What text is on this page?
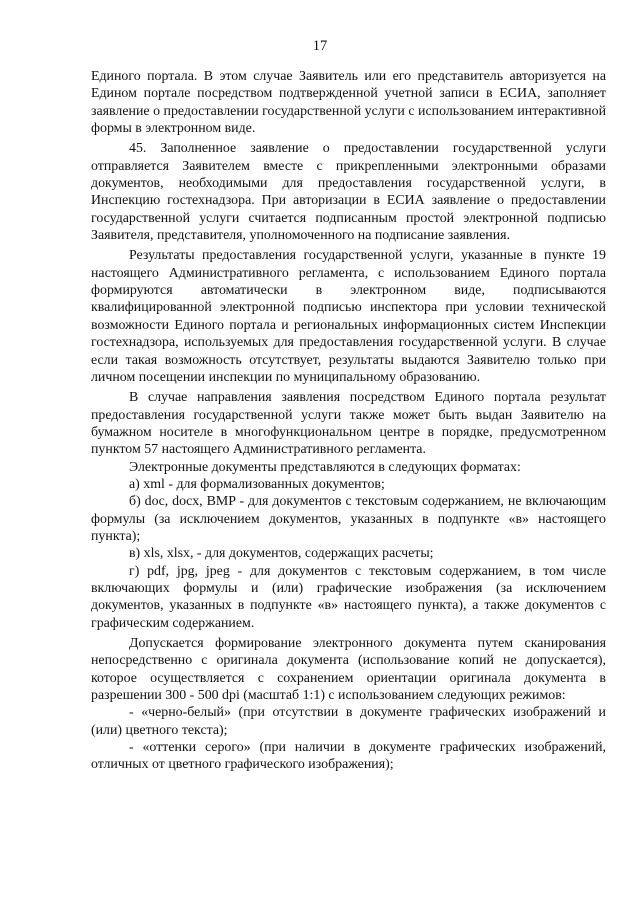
17

Единого портала. В этом случае Заявитель или его представитель авторизуется на Едином портале посредством подтвержденной учетной записи в ЕСИА, заполняет заявление о предоставлении государственной услуги с использованием интерактивной формы в электронном виде.

45. Заполненное заявление о предоставлении государственной услуги отправляется Заявителем вместе с прикрепленными электронными образами документов, необходимыми для предоставления государственной услуги, в Инспекцию гостехнадзора. При авторизации в ЕСИА заявление о предоставлении государственной услуги считается подписанным простой электронной подписью Заявителя, представителя, уполномоченного на подписание заявления.

Результаты предоставления государственной услуги, указанные в пункте 19 настоящего Административного регламента, с использованием Единого портала формируются автоматически в электронном виде, подписываются квалифицированной электронной подписью инспектора при условии технической возможности Единого портала и региональных информационных систем Инспекции гостехнадзора, используемых для предоставления государственной услуги. В случае если такая возможность отсутствует, результаты выдаются Заявителю только при личном посещении инспекции по муниципальному образованию.

В случае направления заявления посредством Единого портала результат предоставления государственной услуги также может быть выдан Заявителю на бумажном носителе в многофункциональном центре в порядке, предусмотренном пунктом 57 настоящего Административного регламента.

Электронные документы представляются в следующих форматах:

а) xml - для формализованных документов;

б) doc, docx, BMP - для документов с текстовым содержанием, не включающим формулы (за исключением документов, указанных в подпункте «в» настоящего пункта);

в) xls, xlsx, - для документов, содержащих расчеты;

г) pdf, jpg, jpeg - для документов с текстовым содержанием, в том числе включающих формулы и (или) графические изображения (за исключением документов, указанных в подпункте «в» настоящего пункта), а также документов с графическим содержанием.

Допускается формирование электронного документа путем сканирования непосредственно с оригинала документа (использование копий не допускается), которое осуществляется с сохранением ориентации оригинала документа в разрешении 300 - 500 dpi (масштаб 1:1) с использованием следующих режимов:

- «черно-белый» (при отсутствии в документе графических изображений и (или) цветного текста);

- «оттенки серого» (при наличии в документе графических изображений, отличных от цветного графического изображения);
